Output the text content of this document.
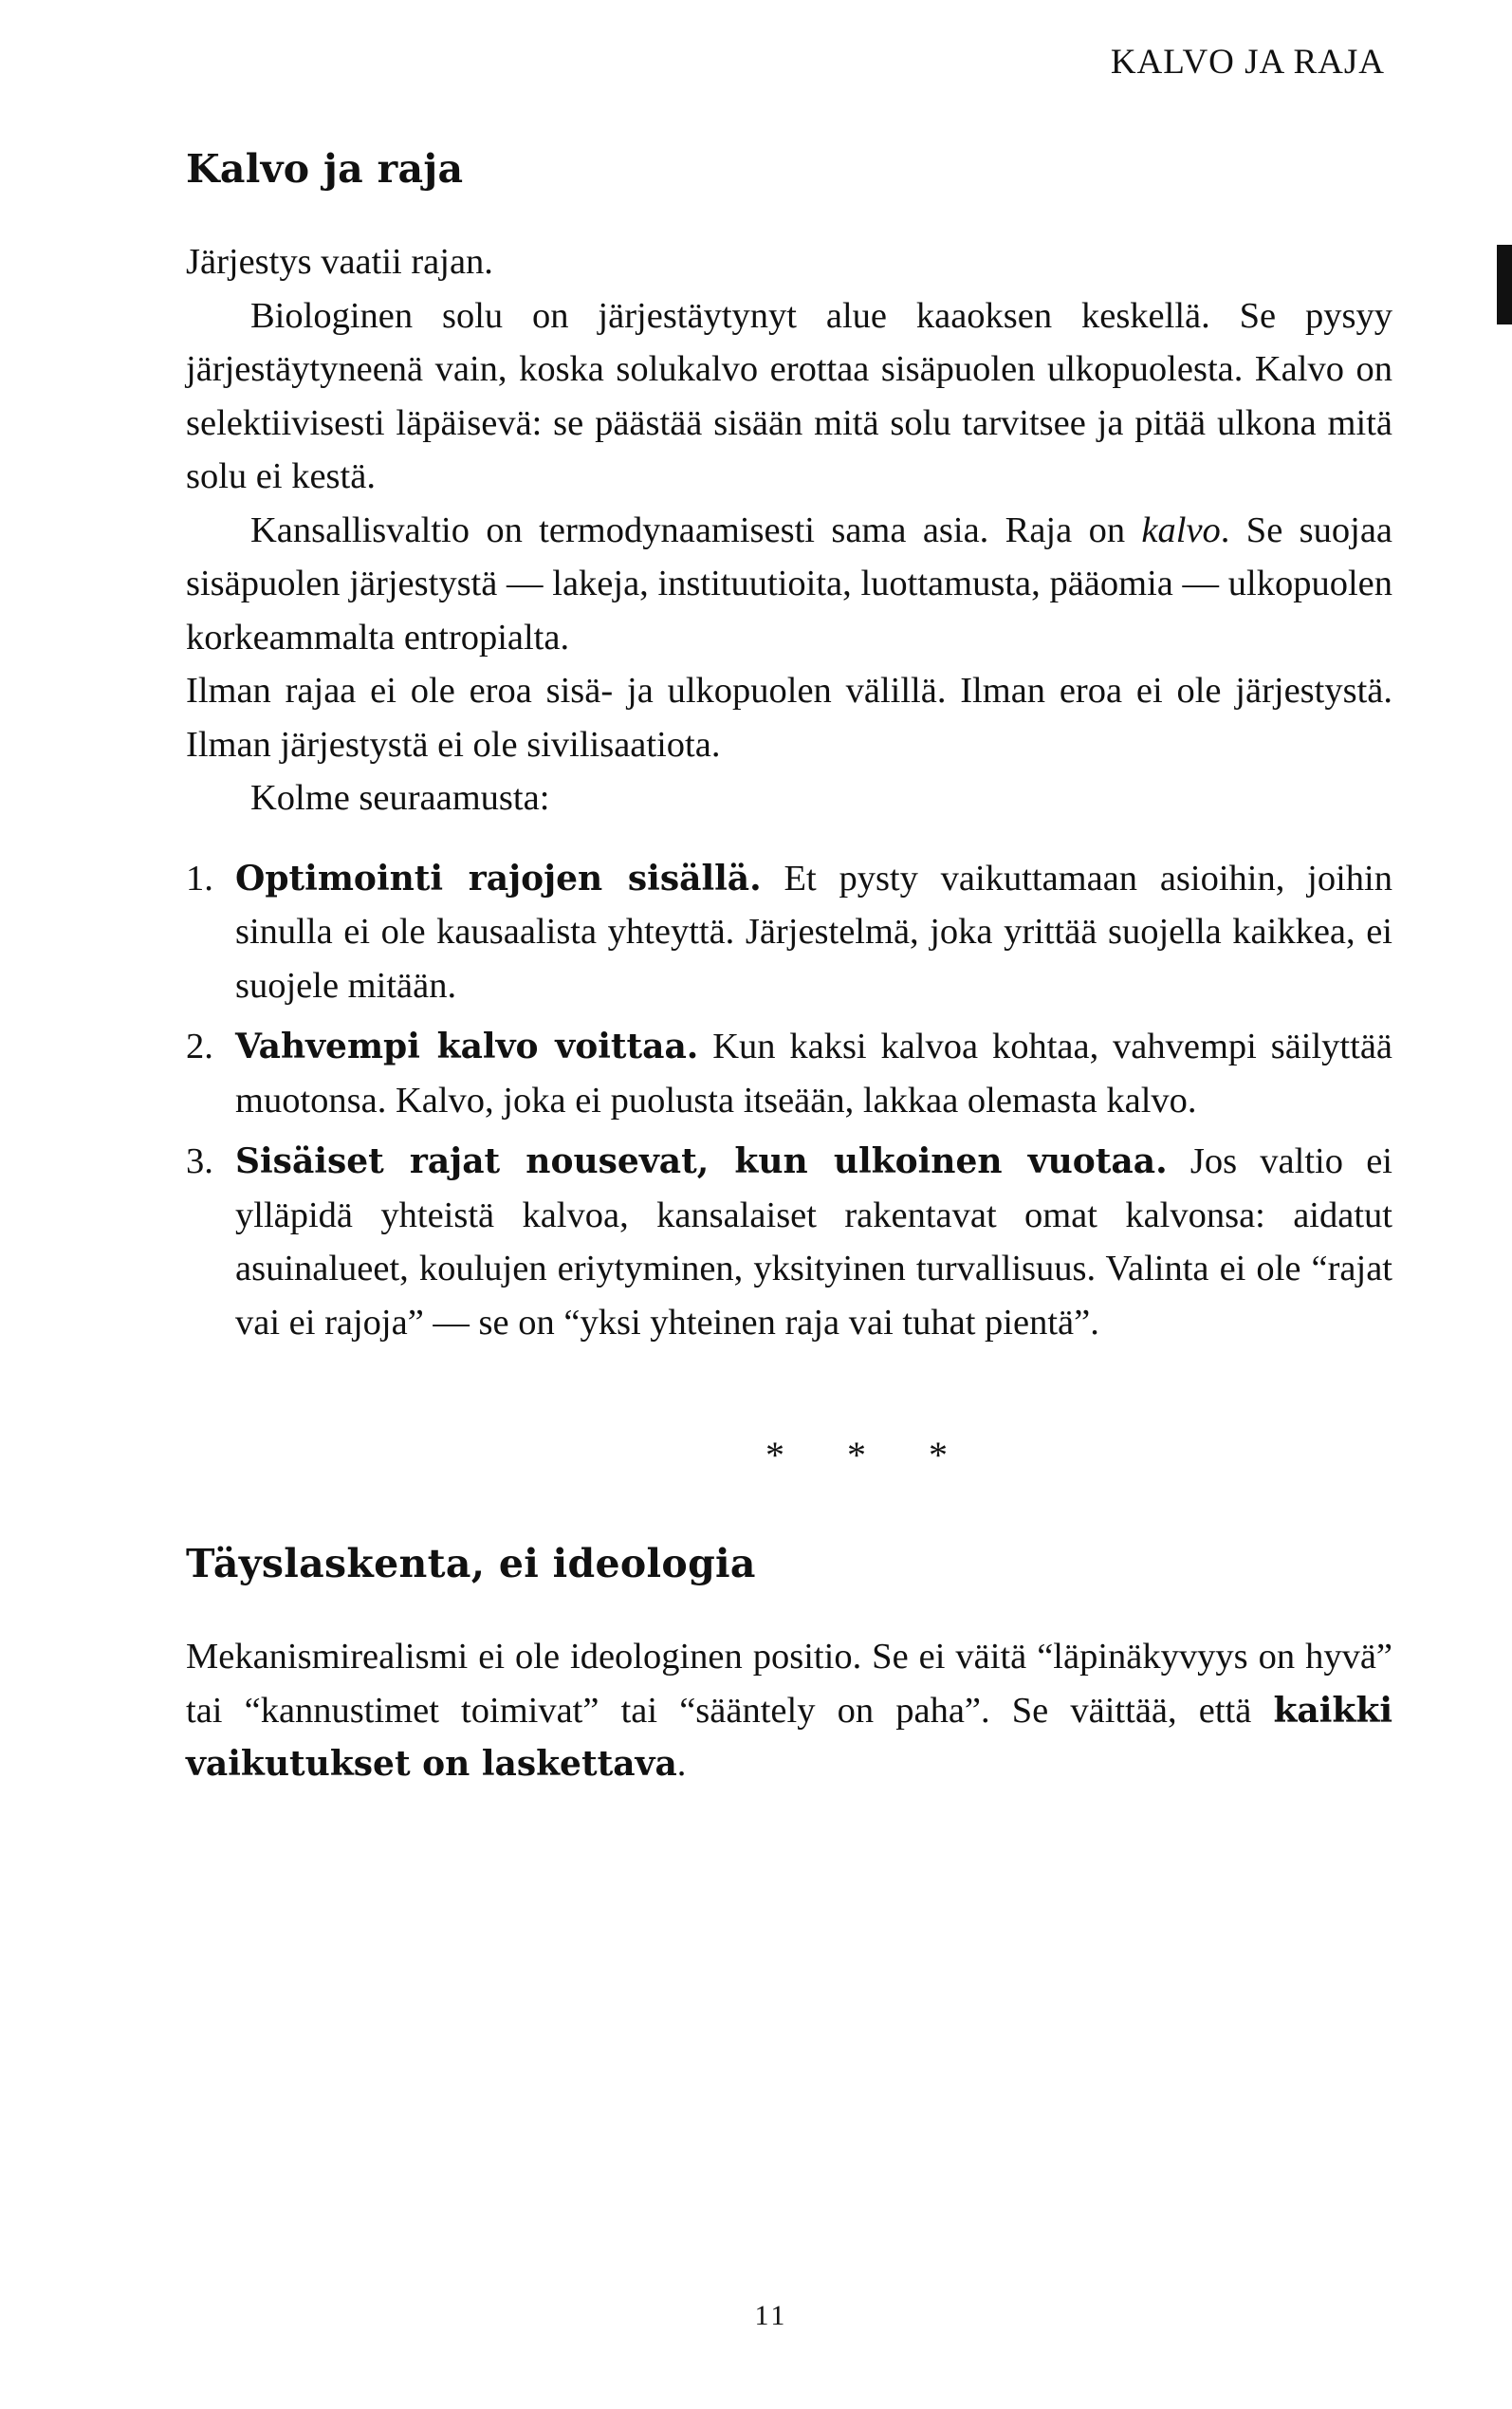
KALVO JA RAJA
Kalvo ja raja

Järjestys vaatii rajan.

Biologinen solu on järjestäytynyt alue kaaoksen keskellä. Se pysyy järjestäytyneenä vain, koska solukalvo erottaa sisäpuolen ulkopuolesta. Kalvo on selektiivisesti läpäisevä: se päästää sisään mitä solu tarvitsee ja pitää ulkona mitä solu ei kestä.

Kansallisvaltio on termodynaamisesti sama asia. Raja on kalvo. Se suojaa sisäpuolen järjestystä — lakeja, instituutioita, luottamusta, pääomia — ulkopuolen korkeammalta entropialta.

Ilman rajaa ei ole eroa sisä- ja ulkopuolen välillä. Ilman eroa ei ole järjestystä. Ilman järjestystä ei ole sivilisaatiota.

Kolme seuraamusta:

1. Optimointi rajojen sisällä. Et pysty vaikuttamaan asioihin, joihin sinulla ei ole kausaalista yhteyttä. Järjestelmä, joka yrittää suojella kaikkea, ei suojele mitään.
2. Vahvempi kalvo voittaa. Kun kaksi kalvoa kohtaa, vahvempi säilyttää muotonsa. Kalvo, joka ei puolusta itseään, lakkaa olemasta kalvo.
3. Sisäiset rajat nousevat, kun ulkoinen vuotaa. Jos valtio ei ylläpidä yhteistä kalvoa, kansalaiset rakentavat omat kalvonsa: aidatut asuinalueet, koulujen eriytyminen, yksityinen turvallisuus. Valinta ei ole “rajat vai ei rajoja” — se on “yksi yhteinen raja vai tuhat pientä”.
* * *
Täyslaskenta, ei ideologia

Mekanismirealismi ei ole ideologinen positio. Se ei väitä “läpinäkyvyys on hyvä” tai “kannustimet toimivat” tai “sääntely on paha”. Se väittää, että kaikki vaikutukset on laskettava.

11
